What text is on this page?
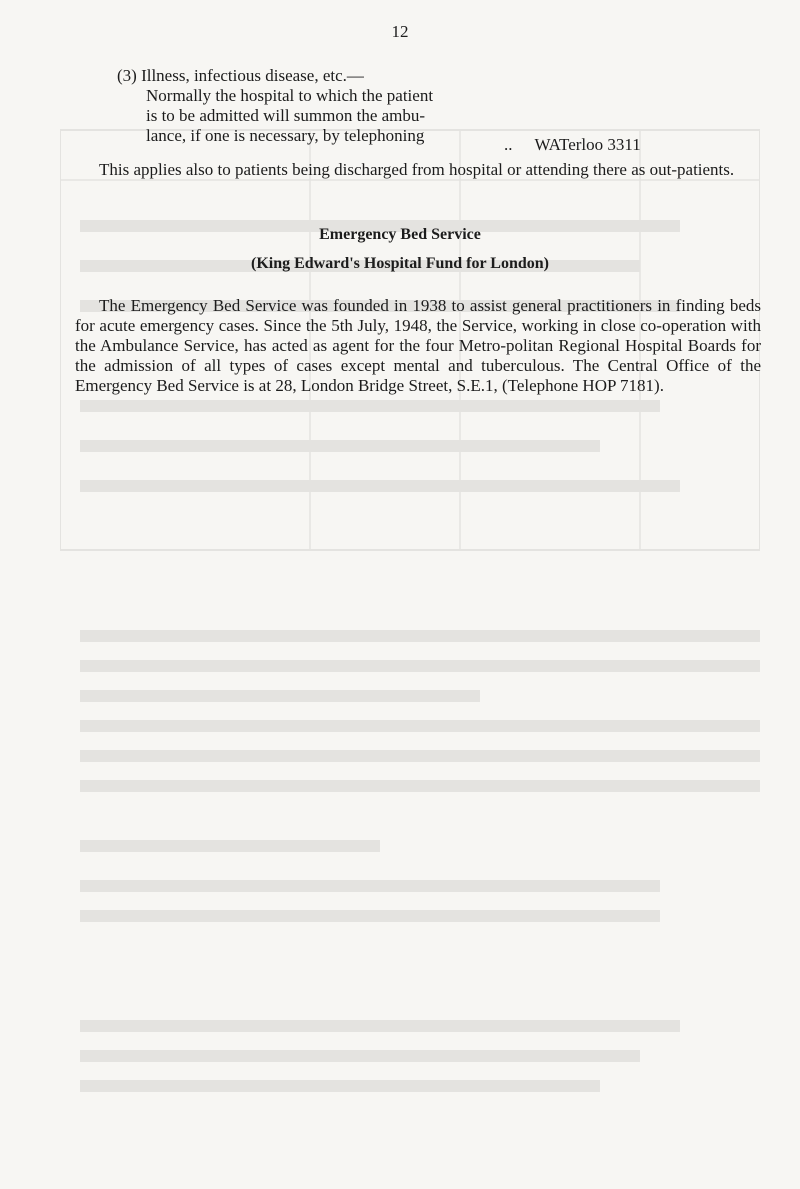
12
(3) Illness, infectious disease, etc.—
Normally the hospital to which the patient
is to be admitted will summon the ambu-
lance, if one is necessary, by telephoning	.. WATerloo 3311
This applies also to patients being discharged from hospital or attending there as out-patients.
Emergency Bed Service
(King Edward's Hospital Fund for London)
The Emergency Bed Service was founded in 1938 to assist general practitioners in finding beds for acute emergency cases. Since the 5th July, 1948, the Service, working in close co-operation with the Ambulance Service, has acted as agent for the four Metro-politan Regional Hospital Boards for the admission of all types of cases except mental and tuberculous. The Central Office of the Emergency Bed Service is at 28, London Bridge Street, S.E.1, (Telephone HOP 7181).
